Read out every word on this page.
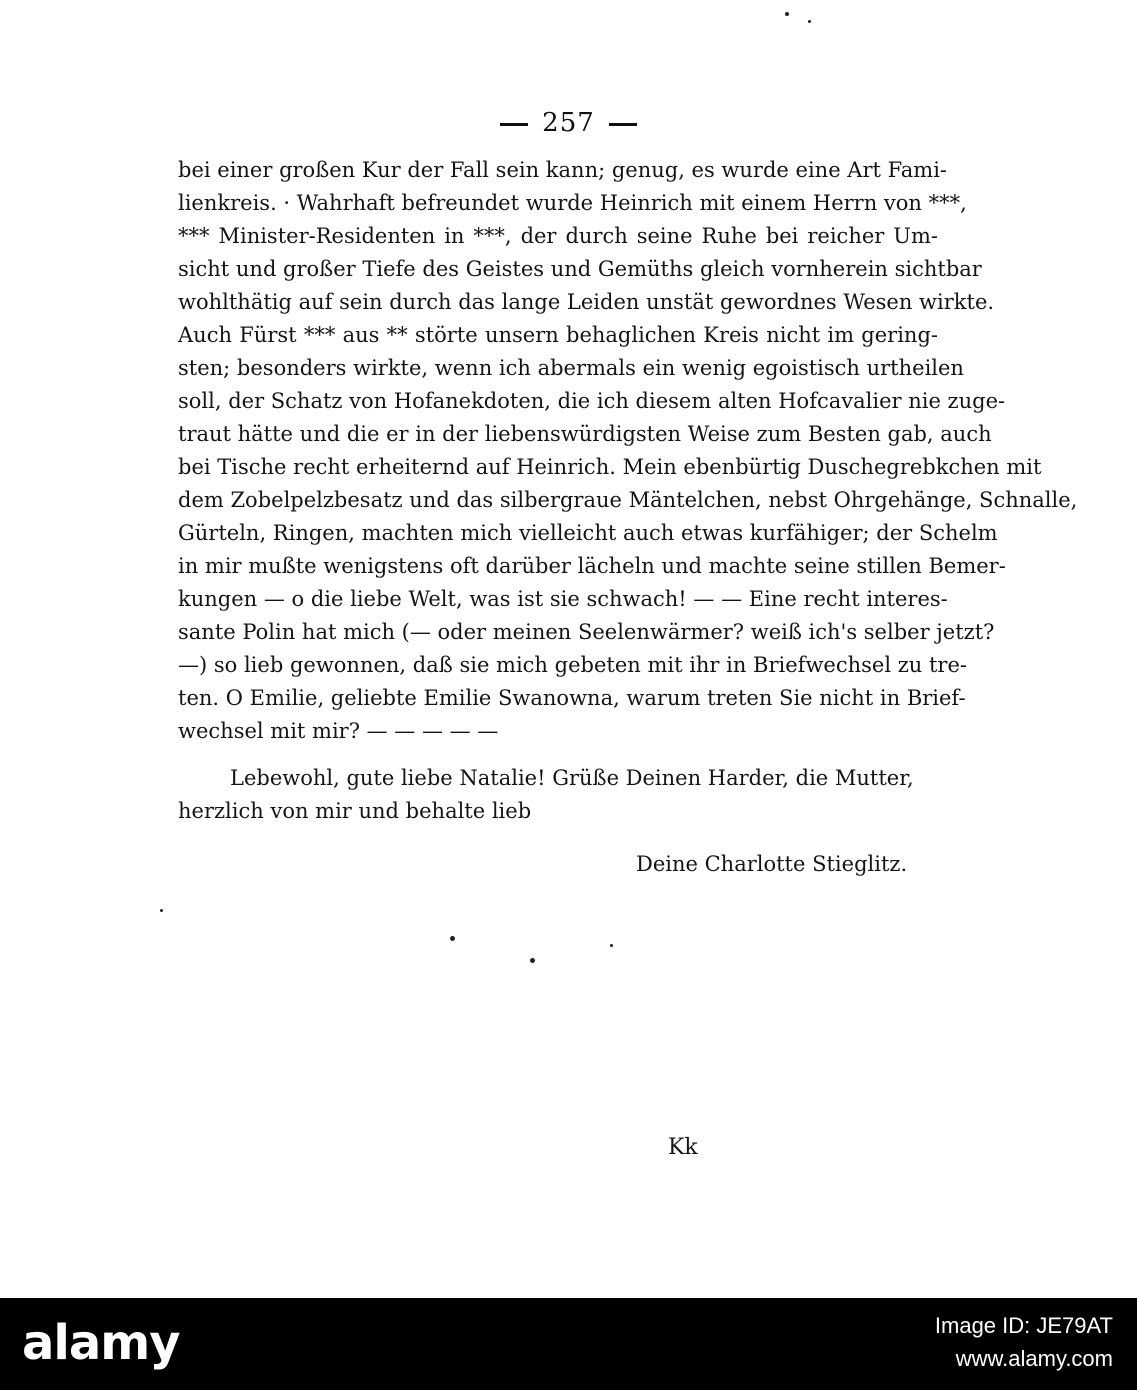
257
bei einer großen Kur der Fall sein kann; genug, es wurde eine Art Fami-
lienkreis. · Wahrhaft befreundet wurde Heinrich mit einem Herrn von ***,
*** Minister-Residenten in ***, der durch seine Ruhe bei reicher Um-
sicht und großer Tiefe des Geistes und Gemüths gleich vornherein sichtbar
wohlthätig auf sein durch das lange Leiden unstät gewordnes Wesen wirkte.
Auch Fürst *** aus ** störte unsern behaglichen Kreis nicht im gering-
sten; besonders wirkte, wenn ich abermals ein wenig egoistisch urtheilen
soll, der Schatz von Hofanekdoten, die ich diesem alten Hofcavalier nie zuge-
traut hätte und die er in der liebenswürdigsten Weise zum Besten gab, auch
bei Tische recht erheiternd auf Heinrich. Mein ebenbürtig Duschegrebkchen mit
dem Zobelpelzbesatz und das silbergraue Mäntelchen, nebst Ohrgehänge, Schnalle,
Gürteln, Ringen, machten mich vielleicht auch etwas kurfähiger; der Schelm
in mir mußte wenigstens oft darüber lächeln und machte seine stillen Bemer-
kungen — o die liebe Welt, was ist sie schwach! — — Eine recht interes-
sante Polin hat mich (— oder meinen Seelenwärmer? weiß ich's selber jetzt?
—) so lieb gewonnen, daß sie mich gebeten mit ihr in Briefwechsel zu tre-
ten. O Emilie, geliebte Emilie Swanowna, warum treten Sie nicht in Brief-
wechsel mit mir? — — — — —
Lebewohl, gute liebe Natalie! Grüße Deinen Harder, die Mutter,
herzlich von mir und behalte lieb
Deine Charlotte Stieglitz.
Kk
alamy	Image ID: JE79AT
www.alamy.com
